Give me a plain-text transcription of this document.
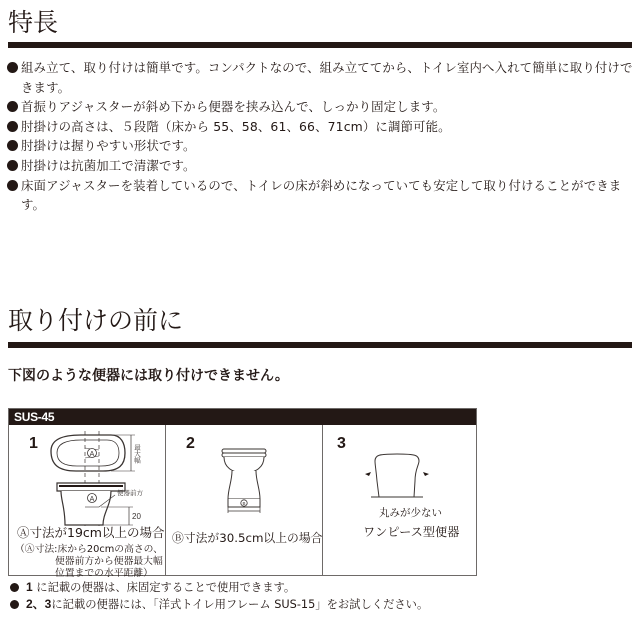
特長
組み立て、取り付けは簡単です。コンパクトなので、組み立ててから、トイレ室内へ入れて簡単に取り付けできます。
首振りアジャスターが斜め下から便器を挟み込んで、しっかり固定します。
肘掛けの高さは、５段階（床から 55、58、61、66、71cm）に調節可能。
肘掛けは握りやすい形状です。
肘掛けは抗菌加工で清潔です。
床面アジャスターを装着しているので、トイレの床が斜めになっていても安定して取り付けることができます。
取り付けの前に
下図のような便器には取り付けできません。
SUS-45
1
A	最大幅
A
便器前方
20
Ⓐ寸法が19cm以上の場合
（Ⓐ寸法:床から20cmの高さの、
便器前方から便器最大幅
位置までの水平距離）
2
B
Ⓑ寸法が30.5cm以上の場合
3
丸みが少ない
ワンピース型便器
1 に記載の便器は、床固定することで使用できます。
2、3に記載の便器には、「洋式トイレ用フレーム SUS-15」をお試しください。
